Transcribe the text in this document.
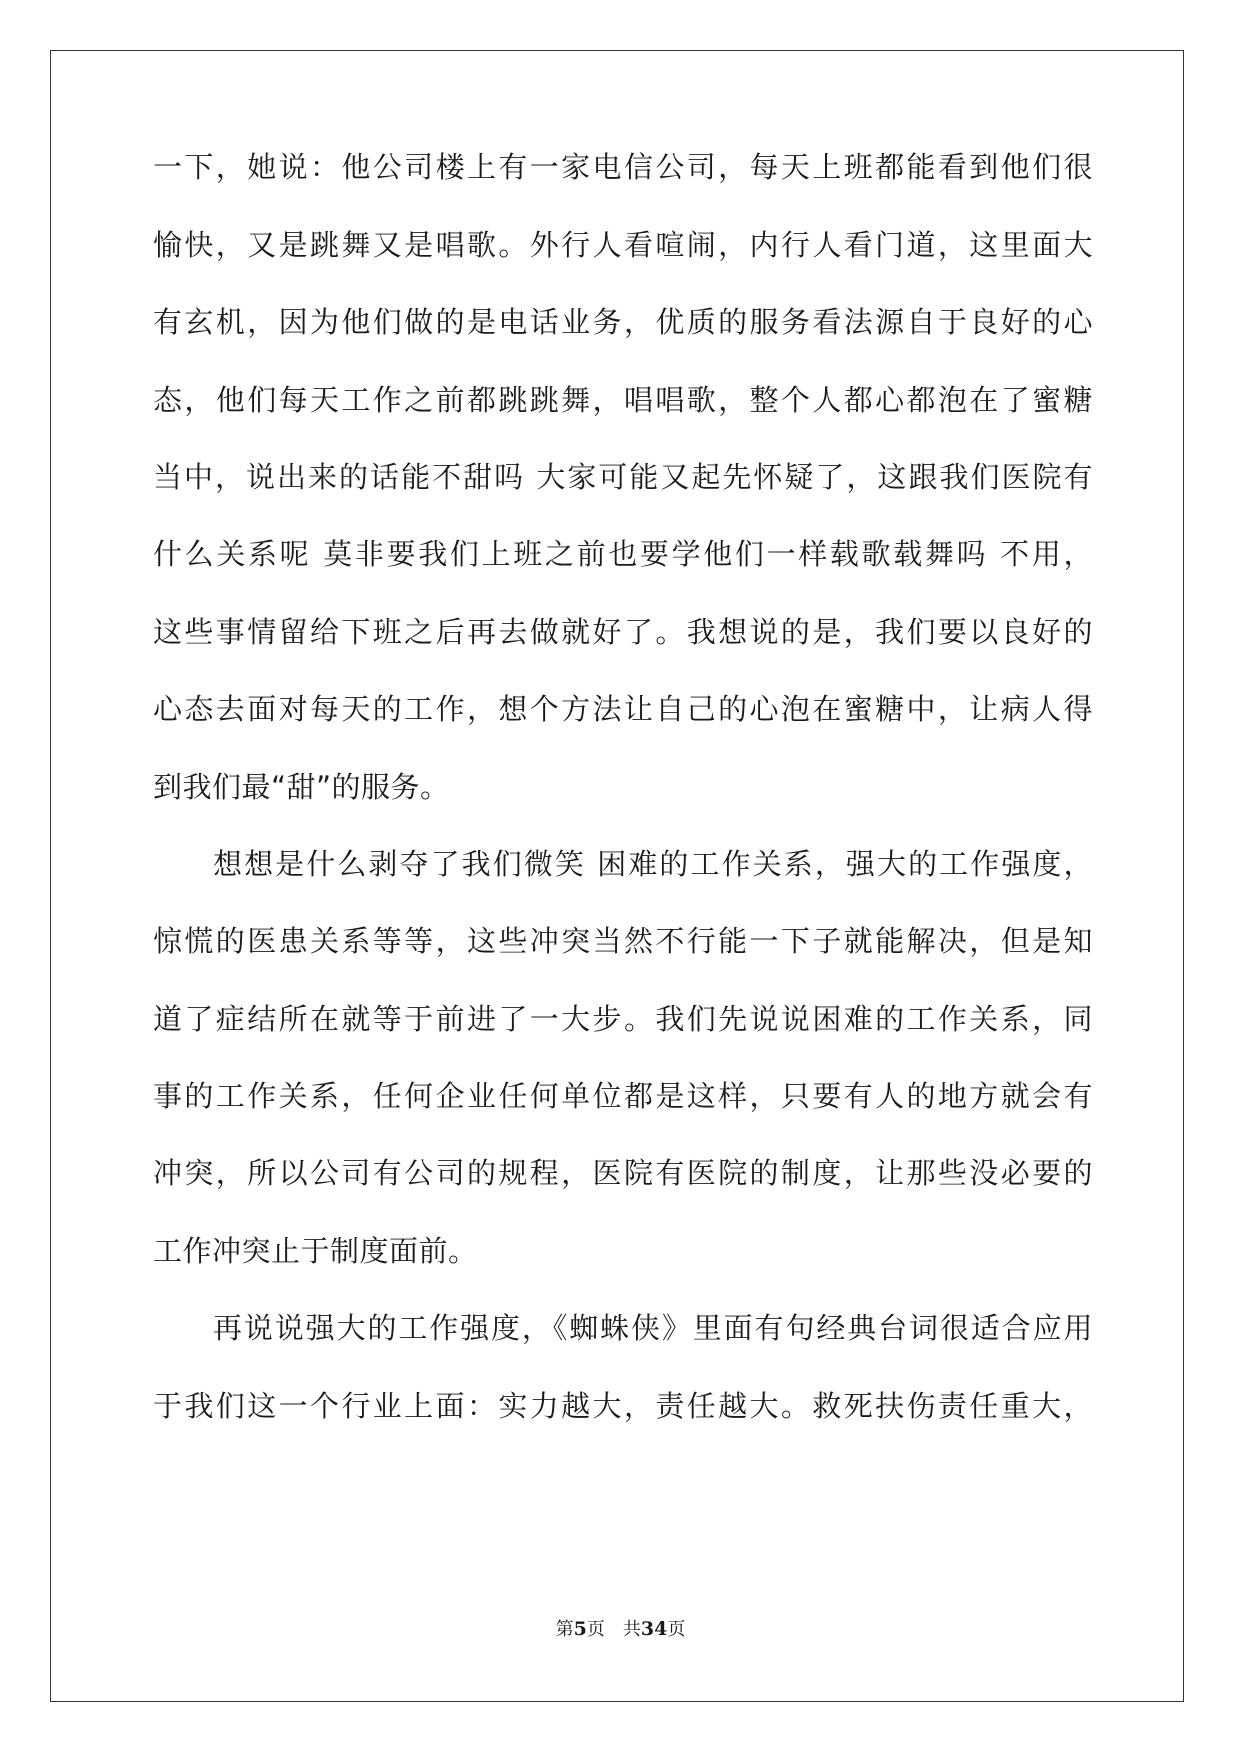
一下，她说：他公司楼上有一家电信公司，每天上班都能看到他们很
愉快，又是跳舞又是唱歌。外行人看喧闹，内行人看门道，这里面大
有玄机，因为他们做的是电话业务，优质的服务看法源自于良好的心
态，他们每天工作之前都跳跳舞，唱唱歌，整个人都心都泡在了蜜糖
当中，说出来的话能不甜吗 大家可能又起先怀疑了，这跟我们医院有
什么关系呢 莫非要我们上班之前也要学他们一样载歌载舞吗 不用，
这些事情留给下班之后再去做就好了。我想说的是，我们要以良好的
心态去面对每天的工作，想个方法让自己的心泡在蜜糖中，让病人得
到我们最“甜”的服务。
想想是什么剥夺了我们微笑 困难的工作关系，强大的工作强度，
惊慌的医患关系等等，这些冲突当然不行能一下子就能解决，但是知
道了症结所在就等于前进了一大步。我们先说说困难的工作关系，同
事的工作关系，任何企业任何单位都是这样，只要有人的地方就会有
冲突，所以公司有公司的规程，医院有医院的制度，让那些没必要的
工作冲突止于制度面前。
再说说强大的工作强度，《蜘蛛侠》里面有句经典台词很适合应用
于我们这一个行业上面：实力越大，责任越大。救死扶伤责任重大，
第5页 共34页
